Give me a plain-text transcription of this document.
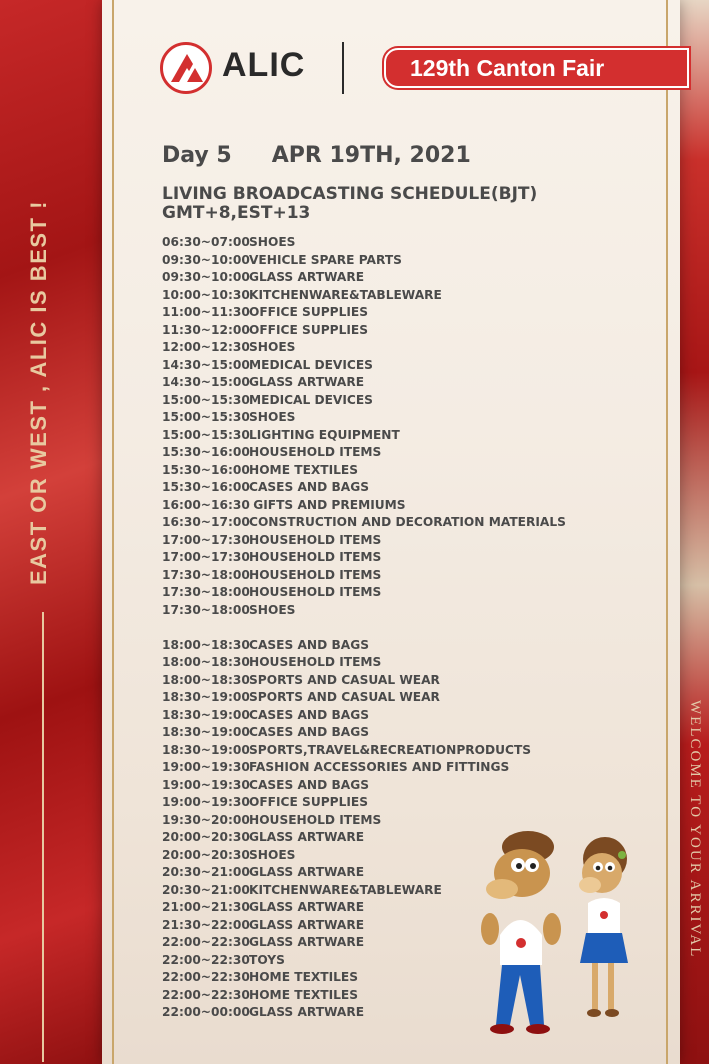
EAST OR WEST , ALIC IS BEST !
WELCOME TO YOUR ARRIVAL
ALIC	129th Canton Fair
Day 5 APR 19TH, 2021
LIVING BROADCASTING SCHEDULE(BJT)
GMT+8,EST+13
06:30~07:00SHOES
09:30~10:00VEHICLE SPARE PARTS
09:30~10:00GLASS ARTWARE
10:00~10:30KITCHENWARE&TABLEWARE
11:00~11:30OFFICE SUPPLIES
11:30~12:00OFFICE SUPPLIES
12:00~12:30SHOES
14:30~15:00MEDICAL DEVICES
14:30~15:00GLASS ARTWARE
15:00~15:30MEDICAL DEVICES
15:00~15:30SHOES
15:00~15:30LIGHTING EQUIPMENT
15:30~16:00HOUSEHOLD ITEMS
15:30~16:00HOME TEXTILES
15:30~16:00CASES AND BAGS
16:00~16:30 GIFTS AND PREMIUMS
16:30~17:00CONSTRUCTION AND DECORATION MATERIALS
17:00~17:30HOUSEHOLD ITEMS
17:00~17:30HOUSEHOLD ITEMS
17:30~18:00HOUSEHOLD ITEMS
17:30~18:00HOUSEHOLD ITEMS
17:30~18:00SHOES
18:00~18:30CASES AND BAGS
18:00~18:30HOUSEHOLD ITEMS
18:00~18:30SPORTS AND CASUAL WEAR
18:30~19:00SPORTS AND CASUAL WEAR
18:30~19:00CASES AND BAGS
18:30~19:00CASES AND BAGS
18:30~19:00SPORTS,TRAVEL&RECREATIONPRODUCTS
19:00~19:30FASHION ACCESSORIES AND FITTINGS
19:00~19:30CASES AND BAGS
19:00~19:30OFFICE SUPPLIES
19:30~20:00HOUSEHOLD ITEMS
20:00~20:30GLASS ARTWARE
20:00~20:30SHOES
20:30~21:00GLASS ARTWARE
20:30~21:00KITCHENWARE&TABLEWARE
21:00~21:30GLASS ARTWARE
21:30~22:00GLASS ARTWARE
22:00~22:30GLASS ARTWARE
22:00~22:30TOYS
22:00~22:30HOME TEXTILES
22:00~22:30HOME TEXTILES
22:00~00:00GLASS ARTWARE
